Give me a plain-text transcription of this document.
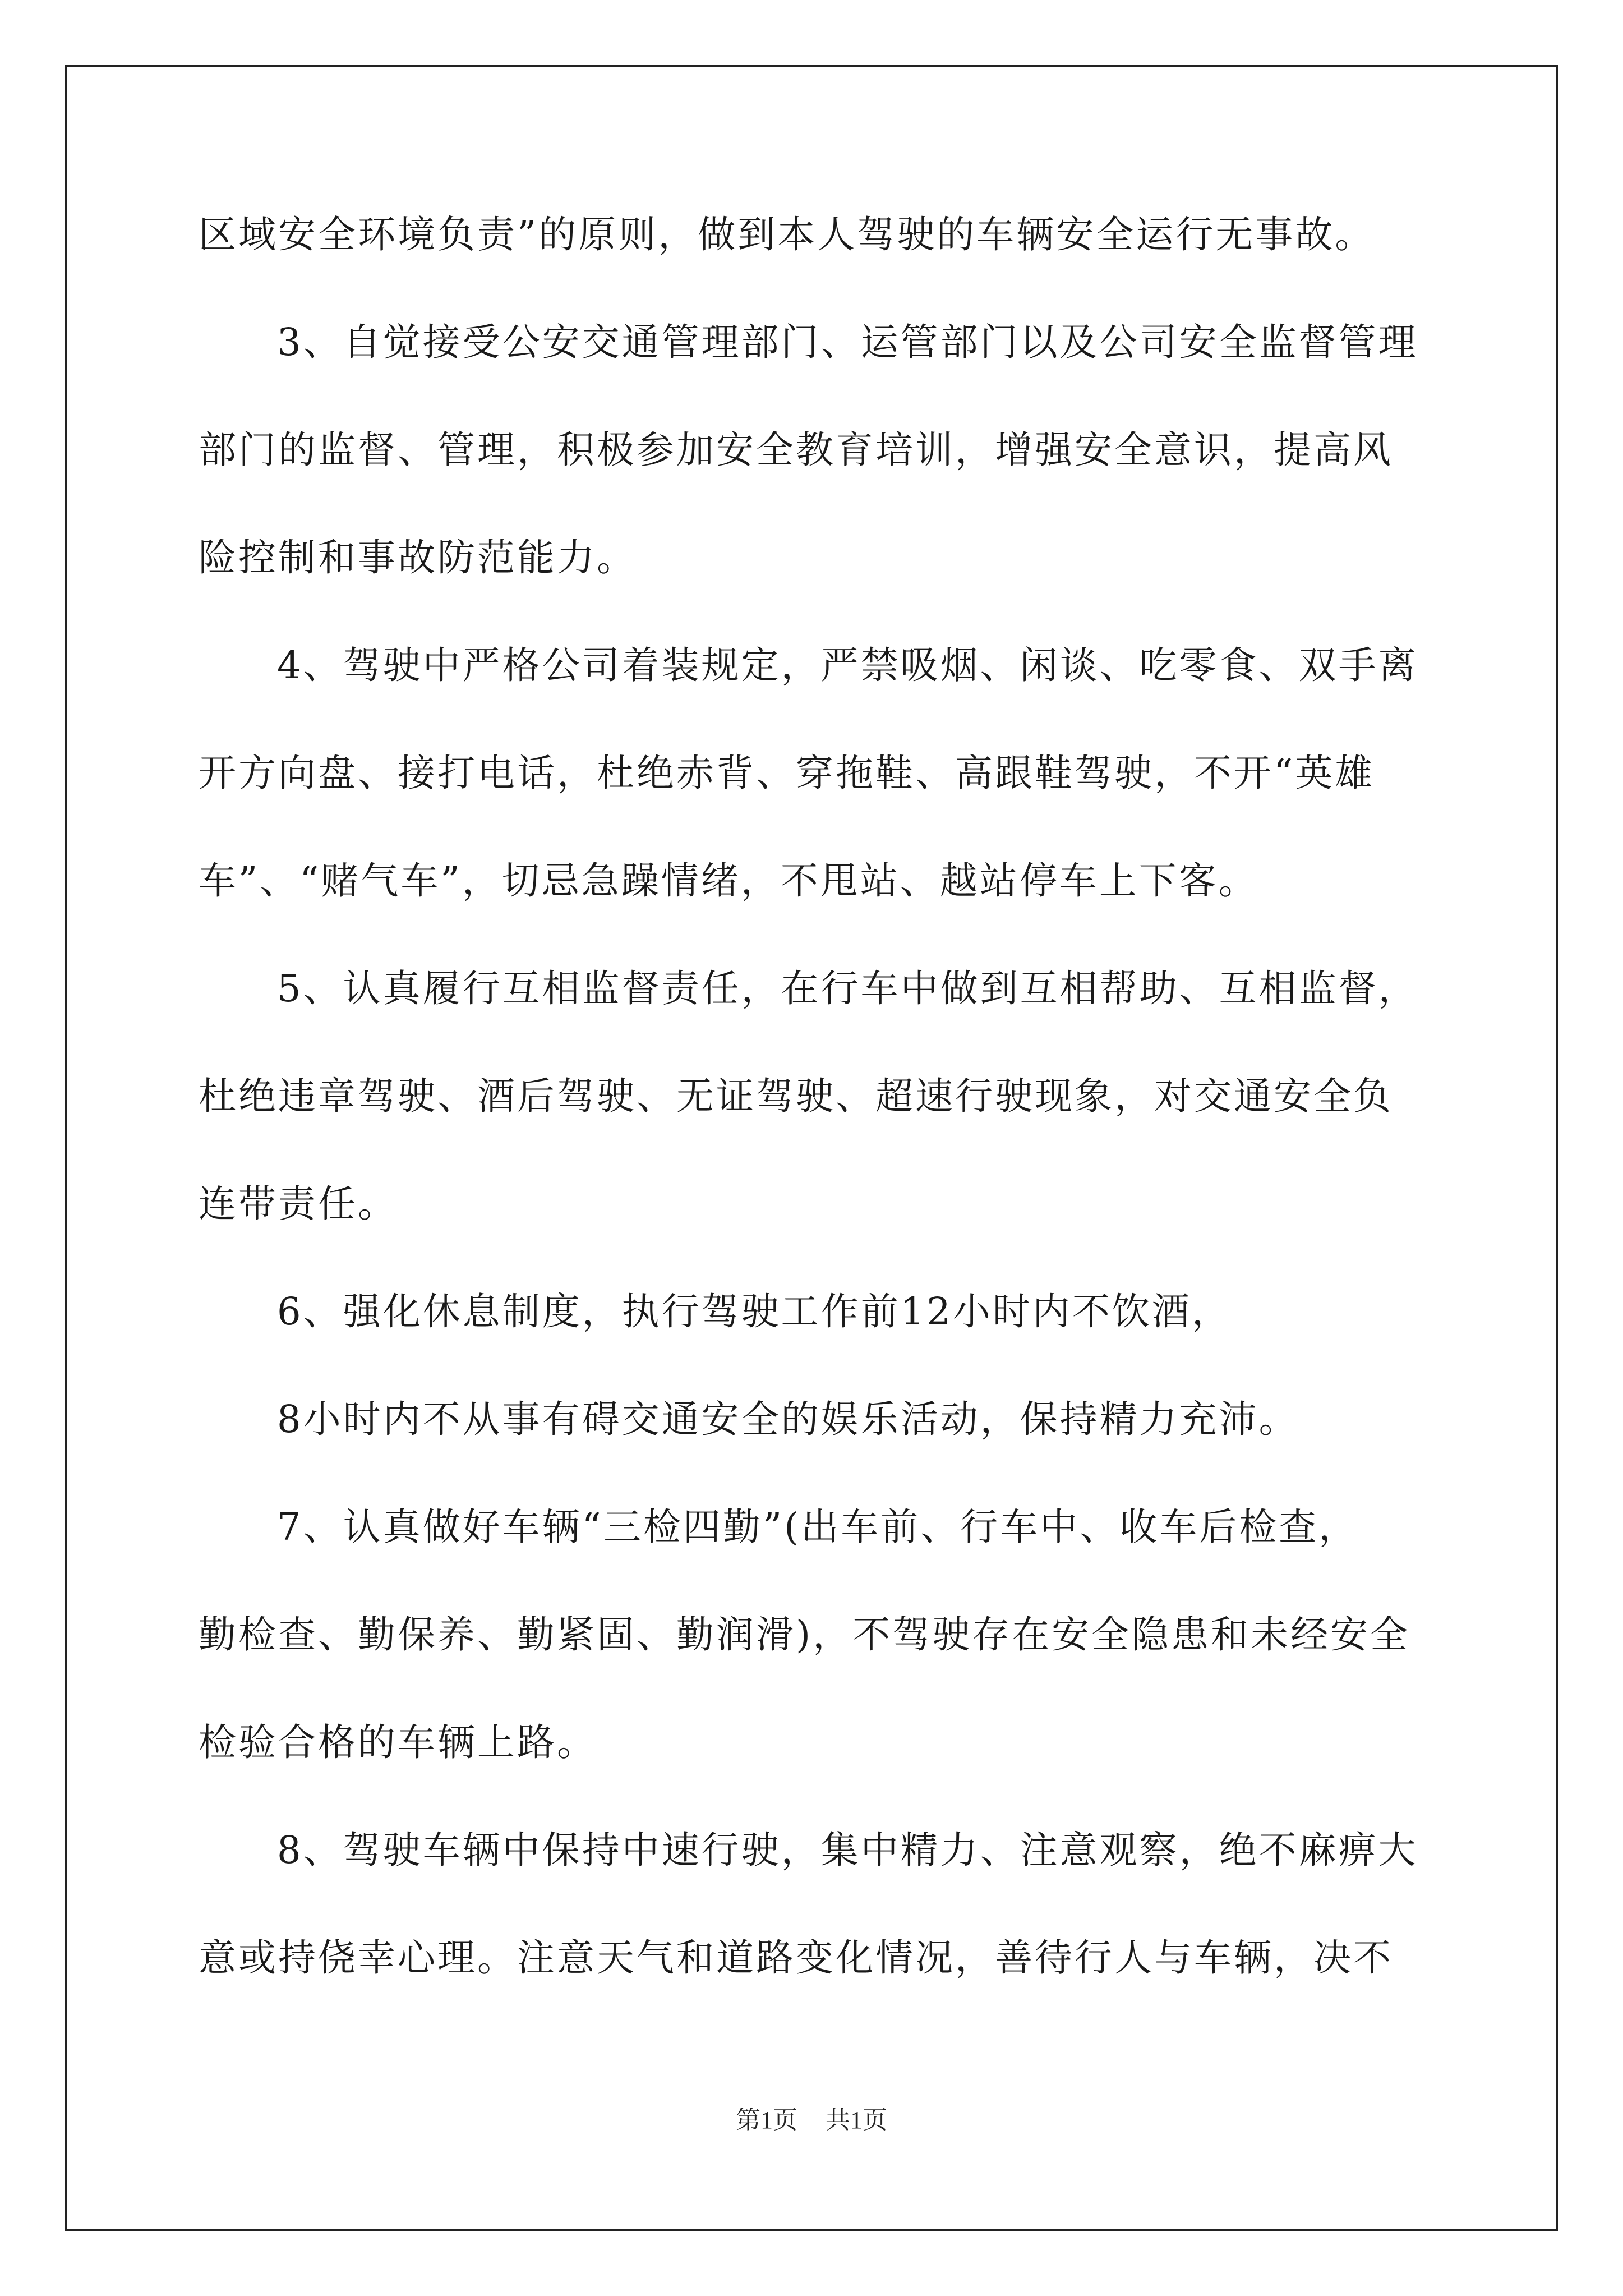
区域安全环境负责”的原则，做到本人驾驶的车辆安全运行无事故。

3、自觉接受公安交通管理部门、运管部门以及公司安全监督管理

部门的监督、管理，积极参加安全教育培训，增强安全意识，提高风

险控制和事故防范能力。

4、驾驶中严格公司着装规定，严禁吸烟、闲谈、吃零食、双手离

开方向盘、接打电话，杜绝赤背、穿拖鞋、高跟鞋驾驶，不开“英雄

车”、“赌气车”，切忌急躁情绪，不甩站、越站停车上下客。

5、认真履行互相监督责任，在行车中做到互相帮助、互相监督，

杜绝违章驾驶、酒后驾驶、无证驾驶、超速行驶现象，对交通安全负

连带责任。

6、强化休息制度，执行驾驶工作前12小时内不饮酒，

8小时内不从事有碍交通安全的娱乐活动，保持精力充沛。

7、认真做好车辆“三检四勤”(出车前、行车中、收车后检查，

勤检查、勤保养、勤紧固、勤润滑)，不驾驶存在安全隐患和未经安全

检验合格的车辆上路。

8、驾驶车辆中保持中速行驶，集中精力、注意观察，绝不麻痹大

意或持侥幸心理。注意天气和道路变化情况，善待行人与车辆，决不

第1页 共1页
